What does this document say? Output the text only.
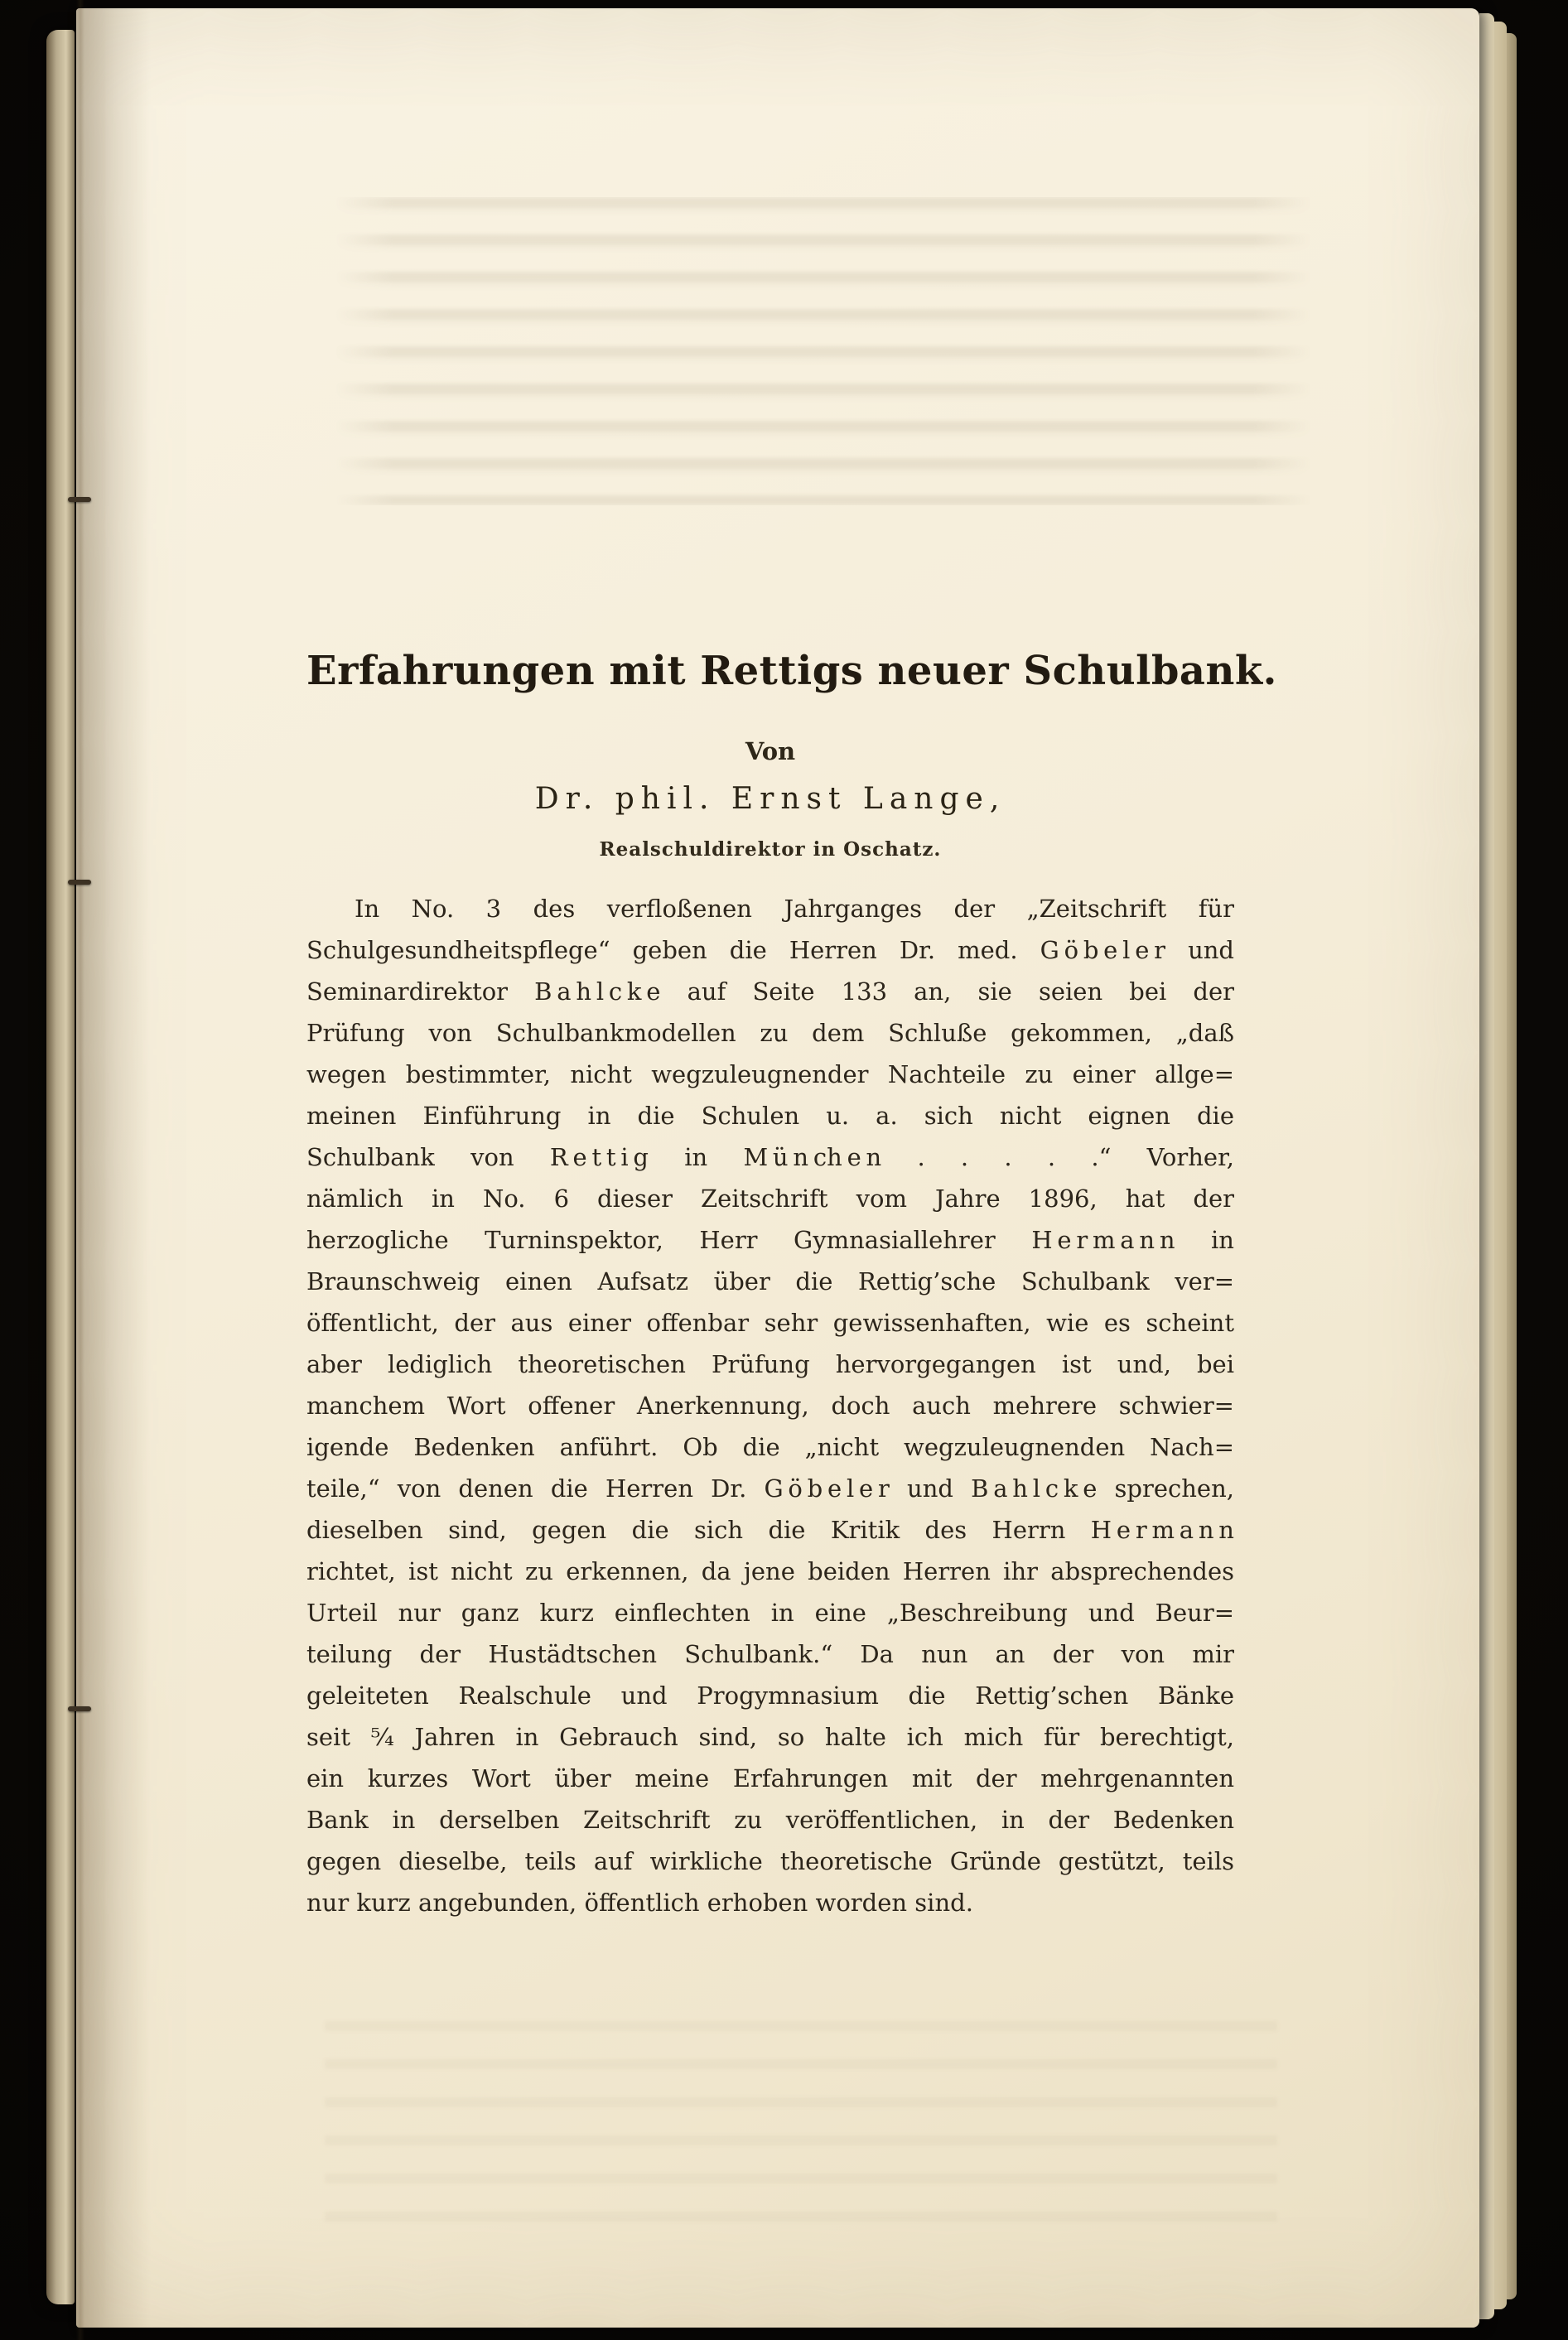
Erfahrungen mit Rettigs neuer Schulbank.
Von
Dr. phil. Ernst Lange,
Realschuldirektor in Oschatz.
In No. 3 des verfloßenen Jahrganges der „Zeitschrift für
Schulgesundheitspflege“ geben die Herren Dr. med. G ö b e l e r und
Seminardirektor B a h l c k e auf Seite 133 an, sie seien bei der
Prüfung von Schulbankmodellen zu dem Schluße gekommen, „daß
wegen bestimmter, nicht wegzuleugnender Nachteile zu einer allge=
meinen Einführung in die Schulen u. a. sich nicht eignen die
Schulbank von R e t t i g in M ü n ch e n . . . . .“ Vorher,
nämlich in No. 6 dieser Zeitschrift vom Jahre 1896, hat der
herzogliche Turninspektor, Herr Gymnasiallehrer H e r m a n n in
Braunschweig einen Aufsatz über die Rettig’sche Schulbank ver=
öffentlicht, der aus einer offenbar sehr gewissenhaften, wie es scheint
aber lediglich theoretischen Prüfung hervorgegangen ist und, bei
manchem Wort offener Anerkennung, doch auch mehrere schwier=
igende Bedenken anführt. Ob die „nicht wegzuleugnenden Nach=
teile,“ von denen die Herren Dr. G ö b e l e r und B a h l c k e sprechen,
dieselben sind, gegen die sich die Kritik des Herrn H e r m a n n
richtet, ist nicht zu erkennen, da jene beiden Herren ihr absprechendes
Urteil nur ganz kurz einflechten in eine „Beschreibung und Beur=
teilung der Hustädtschen Schulbank.“ Da nun an der von mir
geleiteten Realschule und Progymnasium die Rettig’schen Bänke
seit ⁵⁄₄ Jahren in Gebrauch sind, so halte ich mich für berechtigt,
ein kurzes Wort über meine Erfahrungen mit der mehrgenannten
Bank in derselben Zeitschrift zu veröffentlichen, in der Bedenken
gegen dieselbe, teils auf wirkliche theoretische Gründe gestützt, teils
nur kurz angebunden, öffentlich erhoben worden sind.
